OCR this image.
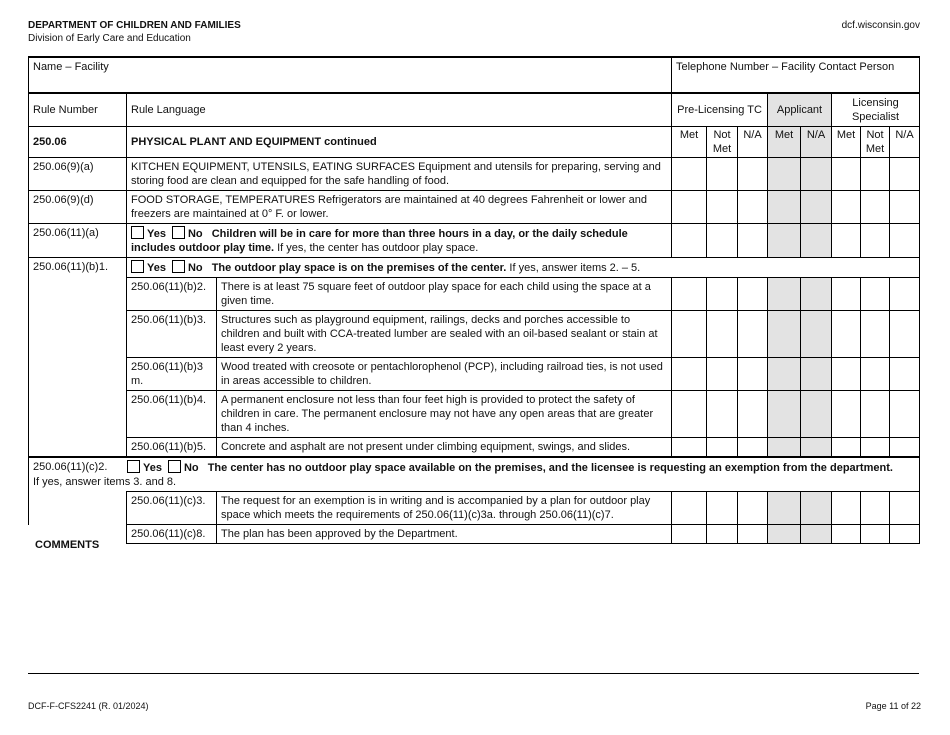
DEPARTMENT OF CHILDREN AND FAMILIES
Division of Early Care and Education
dcf.wisconsin.gov
Name – Facility	Telephone Number – Facility Contact Person
Rule Number	Rule Language	Pre-Licensing TC	Applicant	Licensing Specialist
250.06	PHYSICAL PLANT AND EQUIPMENT continued	Met	Not Met	N/A	Met	N/A	Met	Not Met	N/A
250.06(9)(a)	KITCHEN EQUIPMENT, UTENSILS, EATING SURFACES Equipment and utensils for preparing, serving and storing food are clean and equipped for the safe handling of food.								
250.06(9)(d)	FOOD STORAGE, TEMPERATURES Refrigerators are maintained at 40 degrees Fahrenheit or lower and freezers are maintained at 0° F. or lower.								
250.06(11)(a)	Yes No Children will be in care for more than three hours in a day, or the daily schedule includes outdoor play time. If yes, the center has outdoor play space.								
250.06(11)(b)1.	Yes No The outdoor play space is on the premises of the center. If yes, answer items 2. – 5.
250.06(11)(b)2.	There is at least 75 square feet of outdoor play space for each child using the space at a given time.								
250.06(11)(b)3.	Structures such as playground equipment, railings, decks and porches accessible to children and built with CCA-treated lumber are sealed with an oil-based sealant or stain at least every 2 years.								
250.06(11)(b)3 m.	Wood treated with creosote or pentachlorophenol (PCP), including railroad ties, is not used in areas accessible to children.								
250.06(11)(b)4.	A permanent enclosure not less than four feet high is provided to protect the safety of children in care. The permanent enclosure may not have any open areas that are greater than 4 inches.								
250.06(11)(b)5.	Concrete and asphalt are not present under climbing equipment, swings, and slides.								

250.06(11)(c)2.	Yes No The center has no outdoor play space available on the premises, and the licensee is requesting an exemption from the department.
If yes, answer items 3. and 8.

	250.06(11)(c)3.	The request for an exemption is in writing and is accompanied by a plan for outdoor play space which meets the requirements of 250.06(11)(c)3a. through 250.06(11)(c)7.								
	250.06(11)(c)8.	The plan has been approved by the Department.								
COMMENTS
DCF-F-CFS2241 (R. 01/2024)	Page 11 of 22
